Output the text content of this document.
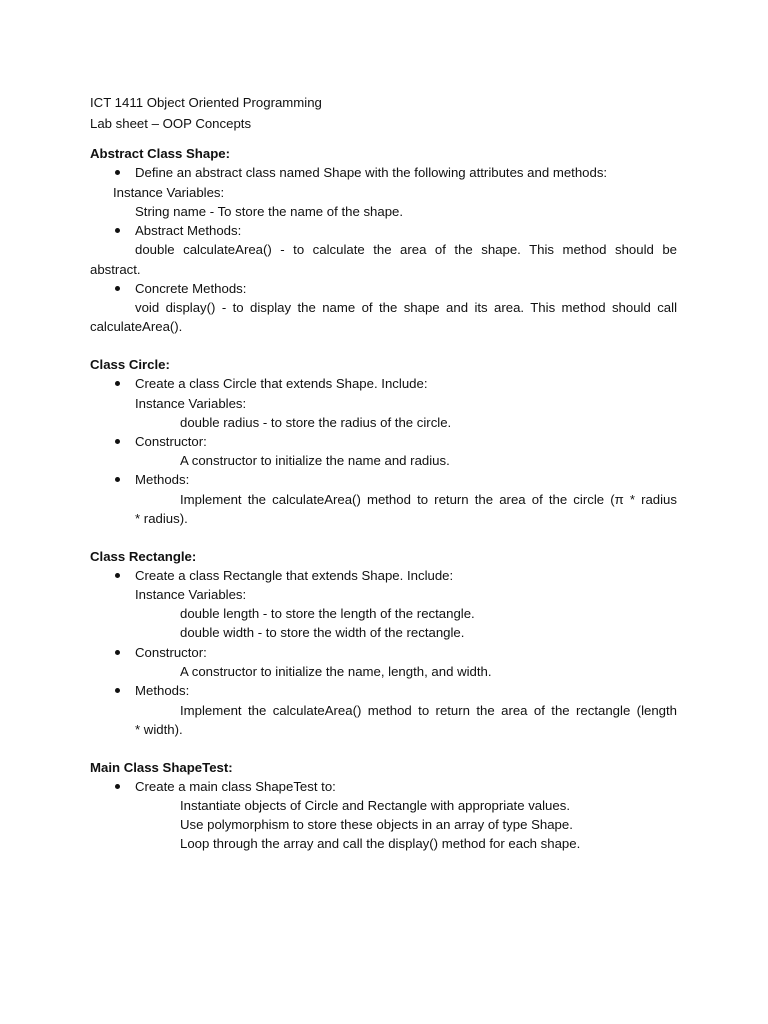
ICT 1411 Object Oriented Programming
Lab sheet – OOP Concepts
Abstract Class Shape:
Define an abstract class named Shape with the following attributes and methods:
Instance Variables:
String name - To store the name of the shape.
Abstract Methods:
double calculateArea() - to calculate the area of the shape. This method should be
abstract.
Concrete Methods:
void display() - to display the name of the shape and its area. This method should call
calculateArea().
Class Circle:
Create a class Circle that extends Shape. Include:
Instance Variables:
double radius - to store the radius of the circle.
Constructor:
A constructor to initialize the name and radius.
Methods:
Implement the calculateArea() method to return the area of the circle (π * radius
* radius).
Class Rectangle:
Create a class Rectangle that extends Shape. Include:
Instance Variables:
double length - to store the length of the rectangle.
double width - to store the width of the rectangle.
Constructor:
A constructor to initialize the name, length, and width.
Methods:
Implement the calculateArea() method to return the area of the rectangle (length
* width).
Main Class ShapeTest:
Create a main class ShapeTest to:
Instantiate objects of Circle and Rectangle with appropriate values.
Use polymorphism to store these objects in an array of type Shape.
Loop through the array and call the display() method for each shape.
